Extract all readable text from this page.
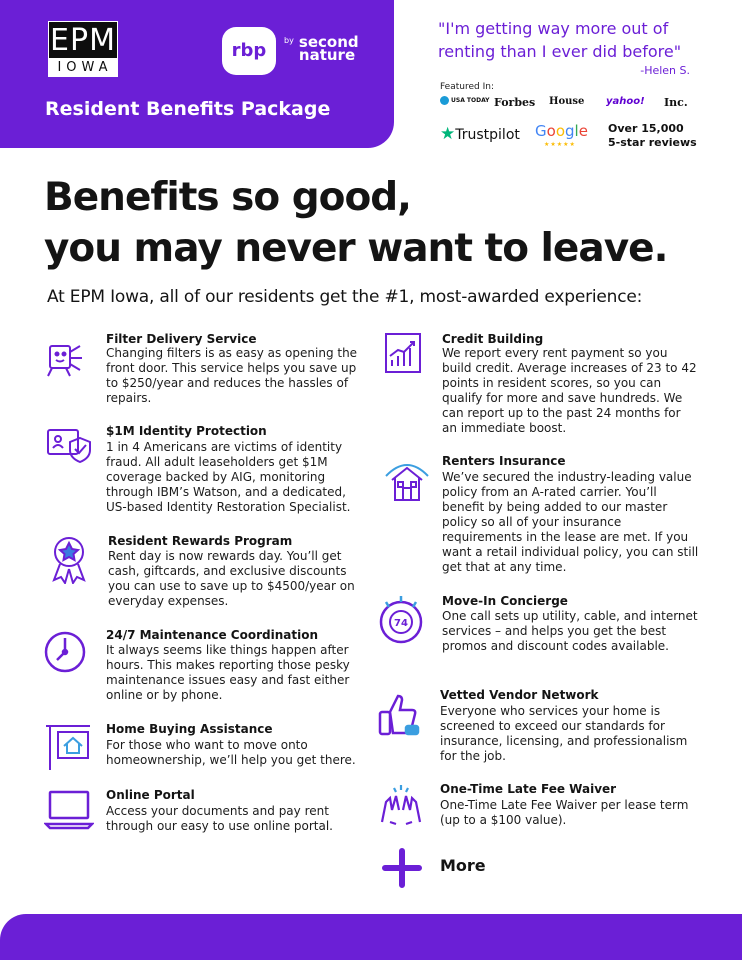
EPM
IOWA
rbp	by second
nature
Resident Benefits Package
"I'm getting way more out of renting than I ever did before"
-Helen S.
Featured In:
USA TODAY Forbes House yahoo! Inc.
★Trustpilot Google
★★★★★
Over 15,000
5-star reviews
Benefits so good,
you may never want to leave.
At EPM Iowa, all of our residents get the #1, most-awarded experience:
Filter Delivery Service
Changing filters is as easy as opening the front door. This service helps you save up to $250/year and reduces the hassles of repairs.
$1M Identity Protection
1 in 4 Americans are victims of identity fraud. All adult leaseholders get $1M coverage backed by AIG, monitoring through IBM’s Watson, and a dedicated, US-based Identity Restoration Specialist.
Resident Rewards Program
Rent day is now rewards day. You’ll get cash, giftcards, and exclusive discounts you can use to save up to $4500/year on everyday expenses.
24/7 Maintenance Coordination
It always seems like things happen after hours. This makes reporting those pesky maintenance issues easy and fast either online or by phone.
Home Buying Assistance
For those who want to move onto homeownership, we’ll help you get there.
Online Portal
Access your documents and pay rent through our easy to use online portal.
Credit Building
We report every rent payment so you build credit. Average increases of 23 to 42 points in resident scores, so you can qualify for more and save hundreds. We can report up to the past 24 months for an immediate boost.
Renters Insurance
We’ve secured the industry-leading value policy from an A-rated carrier. You’ll benefit by being added to our master policy so all of your insurance requirements in the lease are met. If you want a retail individual policy, you can still get that at any time.
74
Move-In Concierge
One call sets up utility, cable, and internet services – and helps you get the best promos and discount codes available.
Vetted Vendor Network
Everyone who services your home is screened to exceed our standards for insurance, licensing, and professionalism for the job.
One-Time Late Fee Waiver
One-Time Late Fee Waiver per lease term (up to a $100 value).
More
